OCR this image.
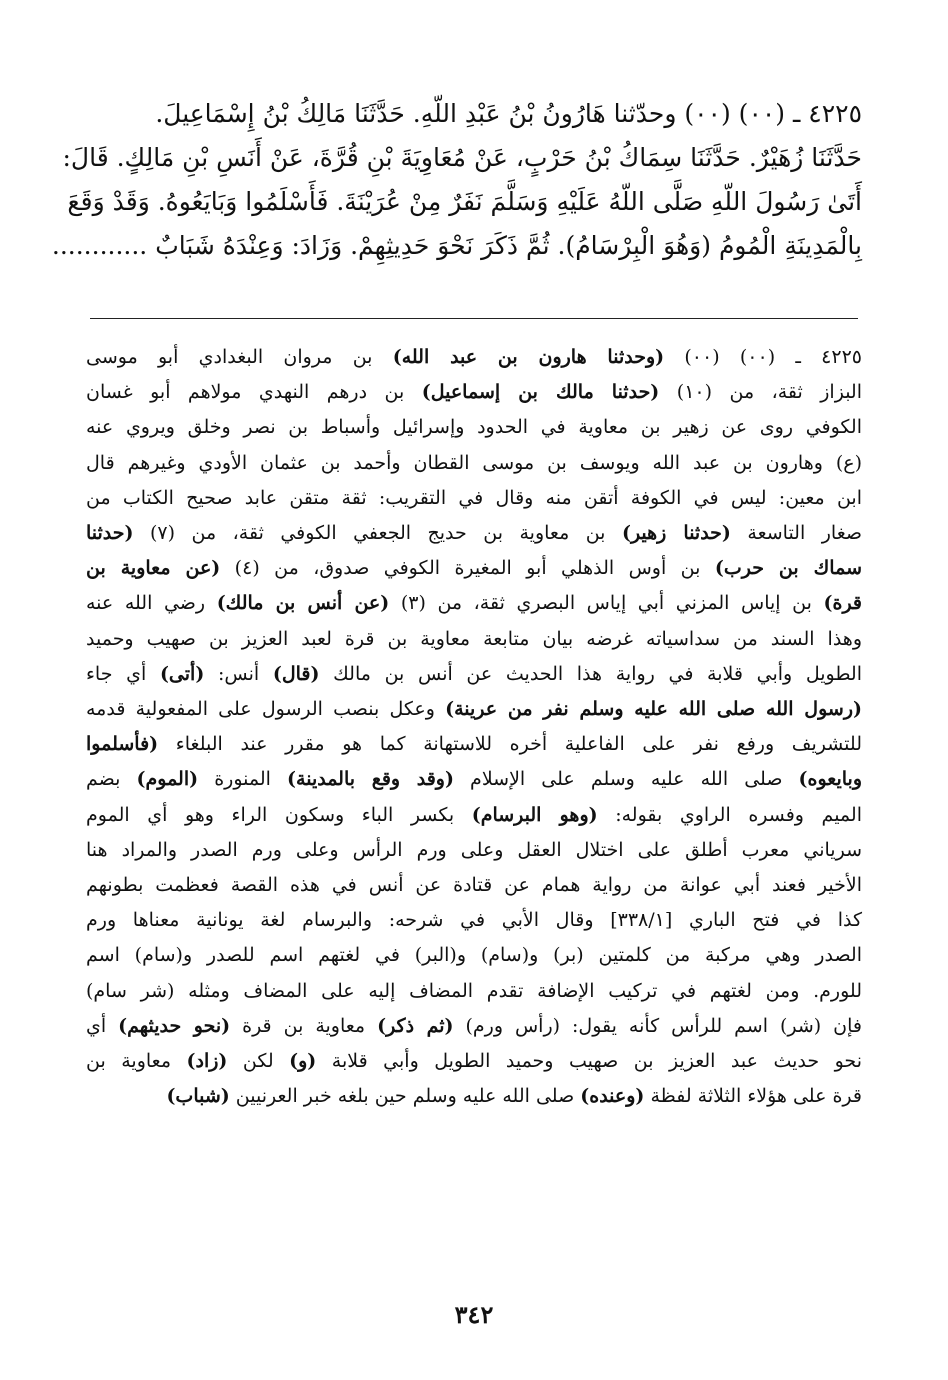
٤٢٢٥ ـ (٠٠) (٠٠) وحدّثنا هَارُونُ بْنُ عَبْدِ اللّهِ. حَدَّثَنَا مَالِكُ بْنُ إِسْمَاعِيلَ.
حَدَّثَنَا زُهَيْرٌ. حَدَّثَنَا سِمَاكُ بْنُ حَرْبٍ، عَنْ مُعَاوِيَةَ بْنِ قُرَّةَ، عَنْ أَنَسِ بْنِ مَالِكٍ. قَالَ:
أَتَىٰ رَسُولَ اللّهِ صَلَّى اللّهُ عَلَيْهِ وَسَلَّمَ نَفَرٌ مِنْ عُرَيْنَةَ. فَأَسْلَمُوا وَبَايَعُوهُ. وَقَدْ وَقَعَ
بِالْمَدِينَةِ الْمُومُ (وَهُوَ الْبِرْسَامُ). ثُمَّ ذَكَرَ نَحْوَ حَدِيثِهِمْ. وَزَادَ: وَعِنْدَهُ شَبَابٌ ............
٤٢٢٥ ـ (٠٠) (٠٠) (وحدثنا هارون بن عبد الله) بن مروان البغدادي أبو موسى
البزاز ثقة، من (١٠) (حدثنا مالك بن إسماعيل) بن درهم النهدي مولاهم أبو غسان
الكوفي روى عن زهير بن معاوية في الحدود وإسرائيل وأسباط بن نصر وخلق ويروي عنه
(ع) وهارون بن عبد الله ويوسف بن موسى القطان وأحمد بن عثمان الأودي وغيرهم قال
ابن معين: ليس في الكوفة أتقن منه وقال في التقريب: ثقة متقن عابد صحيح الكتاب من
صغار التاسعة (حدثنا زهير) بن معاوية بن حديج الجعفي الكوفي ثقة، من (٧) (حدثنا
سماك بن حرب) بن أوس الذهلي أبو المغيرة الكوفي صدوق، من (٤) (عن معاوية بن
قرة) بن إياس المزني أبي إياس البصري ثقة، من (٣) (عن أنس بن مالك) رضي الله عنه
وهذا السند من سداسياته غرضه بيان متابعة معاوية بن قرة لعبد العزيز بن صهيب وحميد
الطويل وأبي قلابة في رواية هذا الحديث عن أنس بن مالك (قال) أنس: (أتى) أي جاء
(رسول الله صلى الله عليه وسلم نفر من عرينة) وعكل بنصب الرسول على المفعولية قدمه
للتشريف ورفع نفر على الفاعلية أخره للاستهانة كما هو مقرر عند البلغاء (فأسلموا
وبايعوه) صلى الله عليه وسلم على الإسلام (وقد وقع بالمدينة) المنورة (الموم) بضم
الميم وفسره الراوي بقوله: (وهو البرسام) بكسر الباء وسكون الراء وهو أي الموم
سرياني معرب أطلق على اختلال العقل وعلى ورم الرأس وعلى ورم الصدر والمراد هنا
الأخير فعند أبي عوانة من رواية همام عن قتادة عن أنس في هذه القصة فعظمت بطونهم
كذا في فتح الباري [٣٣٨/١] وقال الأبي في شرحه: والبرسام لغة يونانية معناها ورم
الصدر وهي مركبة من كلمتين (بر) و(سام) و(البر) في لغتهم اسم للصدر و(سام) اسم
للورم. ومن لغتهم في تركيب الإضافة تقدم المضاف إليه على المضاف ومثله (شر سام)
فإن (شر) اسم للرأس كأنه يقول: (رأس ورم) (ثم ذكر) معاوية بن قرة (نحو حديثهم) أي
نحو حديث عبد العزيز بن صهيب وحميد الطويل وأبي قلابة (و) لكن (زاد) معاوية بن
قرة على هؤلاء الثلاثة لفظة (وعنده) صلى الله عليه وسلم حين بلغه خبر العرنيين (شباب)
٣٤٢
